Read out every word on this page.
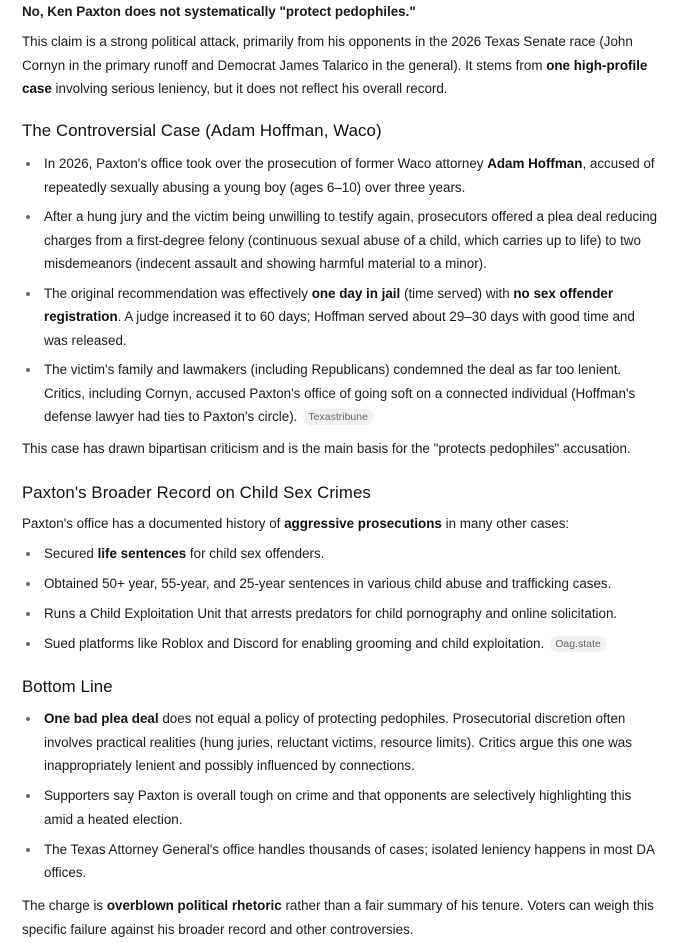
No, Ken Paxton does not systematically "protect pedophiles."

This claim is a strong political attack, primarily from his opponents in the 2026 Texas Senate race (John Cornyn in the primary runoff and Democrat James Talarico in the general). It stems from one high-profile case involving serious leniency, but it does not reflect his overall record.

The Controversial Case (Adam Hoffman, Waco)
In 2026, Paxton's office took over the prosecution of former Waco attorney Adam Hoffman, accused of repeatedly sexually abusing a young boy (ages 6–10) over three years.
After a hung jury and the victim being unwilling to testify again, prosecutors offered a plea deal reducing charges from a first-degree felony (continuous sexual abuse of a child, which carries up to life) to two misdemeanors (indecent assault and showing harmful material to a minor).
The original recommendation was effectively one day in jail (time served) with no sex offender registration. A judge increased it to 60 days; Hoffman served about 29–30 days with good time and was released.
The victim's family and lawmakers (including Republicans) condemned the deal as far too lenient. Critics, including Cornyn, accused Paxton's office of going soft on a connected individual (Hoffman's defense lawyer had ties to Paxton's circle). Texastribune

This case has drawn bipartisan criticism and is the main basis for the "protects pedophiles" accusation.

Paxton's Broader Record on Child Sex Crimes

Paxton's office has a documented history of aggressive prosecutions in many other cases:

Secured life sentences for child sex offenders.
Obtained 50+ year, 55-year, and 25-year sentences in various child abuse and trafficking cases.
Runs a Child Exploitation Unit that arrests predators for child pornography and online solicitation.
Sued platforms like Roblox and Discord for enabling grooming and child exploitation. Oag.state
Bottom Line
One bad plea deal does not equal a policy of protecting pedophiles. Prosecutorial discretion often involves practical realities (hung juries, reluctant victims, resource limits). Critics argue this one was inappropriately lenient and possibly influenced by connections.
Supporters say Paxton is overall tough on crime and that opponents are selectively highlighting this amid a heated election.
The Texas Attorney General's office handles thousands of cases; isolated leniency happens in most DA offices.

The charge is overblown political rhetoric rather than a fair summary of his tenure. Voters can weigh this specific failure against his broader record and other controversies.
